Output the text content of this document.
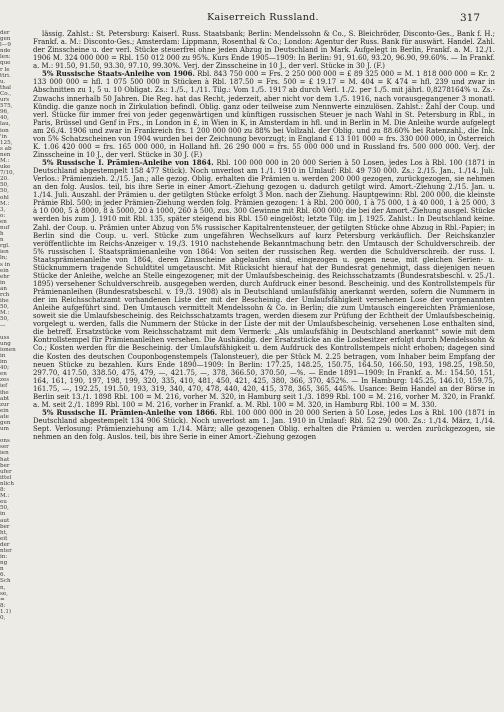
der
gen
l—9
nde
len:
que
r le
ttri.
u.
thal
Co.,
urs
575,
96,
40,
lau,
ion
'in
125,
s ab
nen
M.:
uke
7/10,
20.
50,
50,
ohl
M.:
3,
o:
en
nuf
h
n
rgl.
ien
ln;
s in
ein
ehr
in
an
rch
ihe
50,
M.:
50,
—

uss
ung
ionen
in
im
40;
en
zes
ief
ihe
abt
zur
ein
ate
gen
um

ons
ser
ien
hat
ber
ufer
ittel
nlich
8:
M.:
eu
50,
in
aut
ber
ht,
eit
der
nter
in:
ng
n
6.
Sch
n,
se,
=
8:
1.1)
0,
Kaiserreich Russland.	317

lässig. Zahlst.: St. Petersburg: Kaiserl. Russ. Staatsbank; Berlin: Mendelssohn & Co., S. Bleichröder, Disconto-Ges., Bank f. H.; Frankf. a. M.: Disconto-Ges.; Amsterdam: Lippmann, Rosenthal & Co.; London: Agentur der Russ. Bank für auswärt. Handel. Zahl. der Zinsscheine u. der verl. Stücke steuerfrei ohne jeden Abzug in Deutschland in Mark. Aufgelegt in Berlin, Frankf. a. M. 12./1. 1906 M. 324 000 000 = Rbl. 150 012 000 zu 95%. Kurs Ende 1905—1909: In Berlin: 91, 91.60, 93.20, 96.90, 99.60%. — In Frankf. a. M.: 91.50, 91.50, 93.30, 97.10, 99.30%. Verj. der Zinsscheine in 10 J., der verl. Stücke in 30 J. (F.)

5% Russische Staats-Anleihe von 1906. Rbl. 843 750 000 = Frs. 2 250 000 000 = £ 89 325 000 = M. 1 818 000 000 = Kr. 2 133 000 000 = hfl. 1 075 500 000 in Stücken à Rbl. 187.50 = Frs. 500 = £ 19.17 = M. 404 = K 474 = hfl. 239 und zwar in Abschnitten zu 1, 5 u. 10 Obligat. Zs.: 1./5., 1./11. Tilg.: Vom 1./5. 1917 ab durch Verl. 1./2. per 1./5. mit jährl. 0,8278164% u. Zs.-Zuwachs innerhalb 50 Jahren. Die Reg. hat das Recht, jederzeit, aber nicht vor dem 1./5. 1916, nach vorausgegangener 3 monatl. Kündig. die ganze noch in Zirkulation befindl. Oblig. ganz oder teilweise zum Nennwerte einzulösen. Zahlst.: Zahl der Coup. und verl. Stücke für immer frei von jeder gegenwärtigen und künftigen russischen Steuer je nach Wahl in St. Petersburg in Rbl., in Paris, Brüssel und Genf in Frs., in London in £, in Wien in K, in Amsterdam in hfl. und in Berlin in M. Die Anleihe wurde aufgelegt am 26./4. 1906 und zwar in Frankreich frs. 1 200 000 000 zu 88% bei Vollzahl. der Oblig. und zu 88.60% bei Ratenzahl., die Ink. von 5% Schatzscheinen von 1904 wurden bei der Zeichnung bevorzugt; in England £ 13 101 000 = frs. 330 000 000, in Österreich K. 1.06 420 000 = frs. 165 000 000, in Holland hfl. 26 290 000 = frs. 55 000 000 und in Russland frs. 500 000 000. Verj. der Zinsscheine in 10 J., der verl. Stücke in 30 J. (F.)

5% Russische I. Prämien-Anleihe von 1864. Rbl. 100 000 000 in 20 000 Serien à 50 Losen, jedes Los à Rbl. 100 (1871 in Deutschland abgestempelt 158 477 Stück). Noch unverlost am 1./1. 1910 in Umlauf: Rbl. 49 730 000. Zs.: 2./15. Jan., 1./14. Juli. Verlos.: Prämienzieh. 2./15. Jan.; alle gezog. Oblig. erhalten die Prämien u. werden 200 000 gezogen, zurückgezogen, sie nehmen an den folg. Auslos. teil, bis ihre Serie in einer Amort.-Ziehung gezogen u. dadurch getilgt wird. Amort.-Ziehung 2./15. Jan. u. 1./14. Juli. Auszahl. der Prämien u. der getilgten Stücke erfolgt 3 Mon. nach der Ziehung. Hauptgewinn: Rbl. 200 000, die kleinste Prämie Rbl. 500; in jeder Prämien-Ziehung werden folg. Prämien gezogen: 1 à Rbl. 200 000, 1 à 75 000, 1 à 40 000, 1 à 25 000, 3 à 10 000, 5 à 8000, 8 à 5000, 20 à 1000, 260 à 500, zus. 300 Gewinne mit Rbl. 600 000; die bei der Amort.-Ziehung ausgel. Stücke werden bis zum J. 1910 mit Rbl. 135, später steigend bis Rbl. 150 eingelöst; letzte Tilg. im J. 1925. Zahlst.: In Deutschland keine. Zahl. der Coup. u. Prämien unter Abzug von 5% russischer Kapitalrentensteuer, der getilgten Stücke ohne Abzug in Rbl.-Papier; in Berlin sind die Coup. u. verl. Stücke zum ungefähren Wechselkurs auf kurz Petersburg verkäuflich. Der Reichskanzler veröffentlichte im Reichs-Anzeiger v. 19./3. 1910 nachstehende Bekanntmachung betr. den Umtausch der Schuldverschreib. der 5% russischen I. Staatsprämienanleihe von 1864: Von seiten der russischen Reg. werden die Schuldverschreib. der russ. I. Staatsprämienanleihe von 1864, deren Zinsscheine abgelaufen sind, eingezogen u. gegen neue, mit gleichen Serien- u. Stücknummern tragende Schuldtitel umgetauscht. Mit Rücksicht hierauf hat der Bundesrat genehmigt, dass diejenigen neuen Stücke der Anleihe, welche an Stelle eingezogener, mit der Umlaufsbescheinig. des Reichsschatzamts (Bundesratsbeschl. v. 25./1. 1895) versehener Schuldverschreib. ausgegeben werden, durch Aufdruck einer besond. Bescheinig. und des Kontrollstempels für Prämienanleihen (Bundesratsbeschl. v. 19./3. 1908) als in Deutschland umlaufsfähig anerkannt werden, sofern die Nummern in der im Reichsschatzamt vorhandenen Liste der mit der Bescheinig. der Umlaufsfähigkeit versehenen Lose der vorgenannten Anleihe aufgeführt sind. Den Umtausch vermittelt Mendelssohn & Co. in Berlin; die zum Umtausch eingereichten Prämienlose, soweit sie die Umlaufsbescheinig. des Reichsschatzamts tragen, werden diesem zur Prüfung der Echtheit der Umlaufsbescheinig. vorgelegt u. werden, falls die Nummern der Stücke in der Liste der mit der Umlaufsbescheinig. versehenen Lose enthalten sind, die betreff. Ersatzstücke vom Reichsschatzamt mit dem Vermerk: „Als umlaufsfähig in Deutschland anerkannt“ sowie mit dem Kontrollstempel für Prämienanleihen versehen. Die Aushändig. der Ersatzstücke an die Losbesitzer erfolgt durch Mendelssohn & Co.; Kosten werden für die Bescheinig. der Umlaufsfähigkeit u. dem Aufdruck des Kontrollstempels nicht erhoben; dagegen sind die Kosten des deutschen Couponbogenstempels (Talonsteuer), die per Stück M. 2.25 betragen, vom Inhaber beim Empfang der neuen Stücke zu bezahlen. Kurs Ende 1890—1909: In Berlin: 177.25, 148.25, 150.75, 164.50, 166.50, 193, 198.25, 198.50, 297.70, 417.50, 338.50, 475, 479, —, 421.75, —, 378, 366.50, 370.50, —%. — Ende 1891—1909: In Frankf. a. M.: 154.50, 151, 164, 161, 190, 197, 198, 199, 320, 335, 410, 481, 450, 421, 425, 380, 366, 370, 452%. — In Hamburg: 145.25, 146.10, 159.75, 161.75, —, 192.25, 191.50, 193, 319, 340, 470, 478, 440, 420, 415, 378, 365, 365, 445%. Usance: Beim Handel an der Börse in Berlin seit 13./1. 1898 Rbl. 100 = M. 216, vorher M. 320, in Hamburg seit 1./3. 1899 Rbl. 100 = M. 216, vorher M. 320, in Frankf. a. M. seit 2./1. 1899 Rbl. 100 = M. 216, vorher in Frankf. a. M. Rbl. 100 = M. 320, in Hamburg Rbl. 100 = M. 330.

5% Russische II. Prämien-Anleihe von 1866. Rbl. 100 000 000 in 20 000 Serien à 50 Lose, jedes Los à Rbl. 100 (1871 in Deutschland abgestempelt 134 906 Stück). Noch unverlost am 1. Jan. 1910 in Umlauf: Rbl. 52 290 000. Zs.: 1./14. März, 1./14. Sept. Verlosung: Prämienziehung am 1./14. März; alle gezogenen Oblig. erhalten die Prämien u. werden zurückgezogen, sie nehmen an den folg. Auslos. teil, bis ihre Serie in einer Amort.-Ziehung gezogen
